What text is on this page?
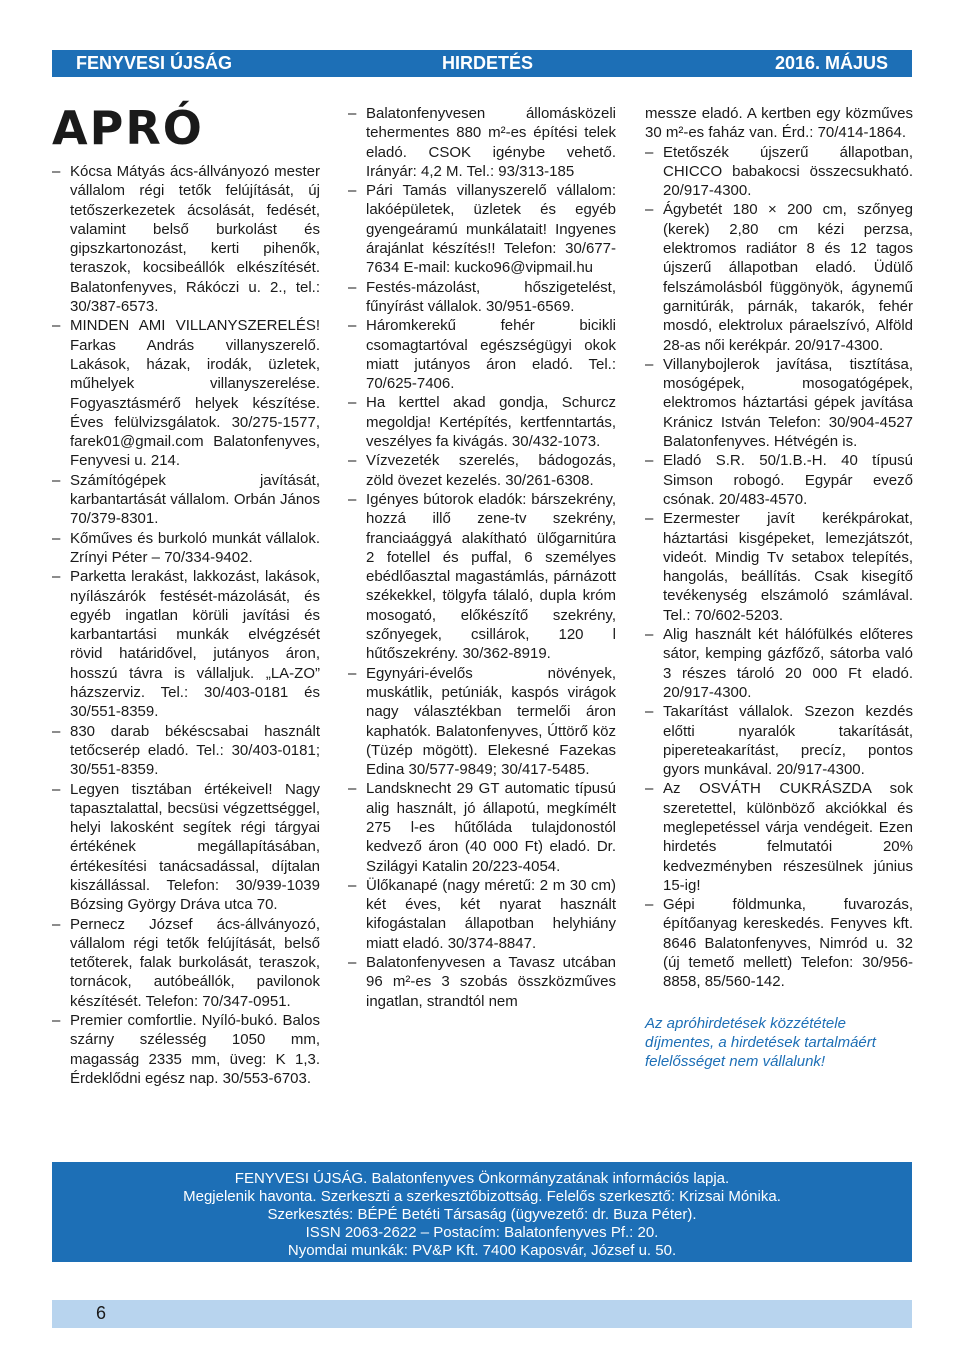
FENYVESI ÚJSÁG	HIRDETÉS	2016. MÁJUS
APRÓ

– Kócsa Mátyás ács-állványozó mester vállalom régi tetők felújítását, új tetőszerkezetek ácsolását, fedését, valamint belső burkolást és gipszkartonozást, kerti pihenők, teraszok, kocsibeállók elkészítését. Balatonfenyves, Rákóczi u. 2., tel.: 30/387-6573.

– MINDEN AMI VILLANYSZERELÉS! Farkas András villanyszerelő. Lakások, házak, irodák, üzletek, műhelyek villanyszerelése. Fogyasztásmérő helyek készítése. Éves felülvizsgálatok. 30/275-1577, farek01@gmail.com Balatonfenyves, Fenyvesi u. 214.

– Számítógépek javítását, karbantartását vállalom. Orbán János 70/379-8301.

– Kőműves és burkoló munkát vállalok. Zrínyi Péter – 70/334-9402.

– Parketta lerakást, lakkozást, lakások, nyílászárók festését-mázolását, és egyéb ingatlan körüli javítási és karbantartási munkák elvégzését rövid határidővel, jutányos áron, hosszú távra is vállaljuk. „LA-ZO” házszerviz. Tel.: 30/403-0181 és 30/551-8359.

– 830 darab békéscsabai használt tetőcserép eladó. Tel.: 30/403-0181; 30/551-8359.

– Legyen tisztában értékeivel! Nagy tapasztalattal, becsüsi végzettséggel, helyi lakosként segítek régi tárgyai értékének megállapításában, értékesítési tanácsadással, díjtalan kiszállással. Telefon: 30/939-1039 Bózsing György Dráva utca 70.

– Pernecz József ács-állványozó, vállalom régi tetők felújítását, belső tetőterek, falak burkolását, teraszok, tornácok, autóbeállók, pavilonok készítését. Telefon: 70/347-0951.

– Premier comfortlie. Nyíló-bukó. Balos szárny szélesség 1050 mm, magasság 2335 mm, üveg: K 1,3. Érdeklődni egész nap. 30/553-6703.

– Balatonfenyvesen állomásközeli tehermentes 880 m²-es építési telek eladó. CSOK igénybe vehető. Irányár: 4,2 M. Tel.: 93/313-185

– Pári Tamás villanyszerelő vállalom: lakóépületek, üzletek és egyéb gyengeáramú munkálatait! Ingyenes árajánlat készítés!! Telefon: 30/677-7634 E-mail: kucko96@vipmail.hu

– Festés-mázolást, hőszigetelést, fűnyírást vállalok. 30/951-6569.

– Háromkerekű fehér bicikli csomagtartóval egészségügyi okok miatt jutányos áron eladó. Tel.: 70/625-7406.

– Ha kerttel akad gondja, Schurcz megoldja! Kertépítés, kertfenntartás, veszélyes fa kivágás. 30/432-1073.

– Vízvezeték szerelés, bádogozás, zöld övezet kezelés. 30/261-6308.

– Igényes bútorok eladók: bárszekrény, hozzá illő zene-tv szekrény, franciaággyá alakítható ülőgarnitúra 2 fotellel és puffal, 6 személyes ebédlőasztal magastámlás, párnázott székekkel, tölgyfa tálaló, dupla króm mosogató, előkészítő szekrény, szőnyegek, csillárok, 120 l hűtőszekrény. 30/362-8919.

– Egynyári-évelős növények, muskátlik, petúniák, kaspós virágok nagy választékban termelői áron kaphatók. Balatonfenyves, Úttörő köz (Tüzép mögött). Elekesné Fazekas Edina 30/577-9849; 30/417-5485.

– Landsknecht 29 GT automatic típusú alig használt, jó állapotú, megkímélt 275 l-es hűtőláda tulajdonostól kedvező áron (40 000 Ft) eladó. Dr. Szilágyi Katalin 20/223-4054.

– Ülőkanapé (nagy méretű: 2 m 30 cm) két éves, két nyarat használt kifogástalan állapotban helyhiány miatt eladó. 30/374-8847.

– Balatonfenyvesen a Tavasz utcában 96 m²-es 3 szobás összközműves ingatlan, strandtól nem

messze eladó. A kertben egy közműves 30 m²-es faház van. Érd.: 70/414-1864.

– Etetőszék újszerű állapotban, CHICCO babakocsi összecsukható. 20/917-4300.

– Ágybetét 180 × 200 cm, szőnyeg (kerek) 2,80 cm kézi perzsa, elektromos radiátor 8 és 12 tagos újszerű állapotban eladó. Üdülő felszámolásból függönyök, ágynemű garnitúrák, párnák, takarók, fehér mosdó, elektrolux páraelszívó, Alföld 28-as női kerékpár. 20/917-4300.

– Villanybojlerok javítása, tisztítása, mosógépek, mosogatógépek, elektromos háztartási gépek javítása Kránicz István Telefon: 30/904-4527 Balatonfenyves. Hétvégén is.

– Eladó S.R. 50/1.B.-H. 40 típusú Simson robogó. Egypár evező csónak. 20/483-4570.

– Ezermester javít kerékpárokat, háztartási kisgépeket, lemezjátszót, videót. Mindig Tv setabox telepítés, hangolás, beállítás. Csak kisegítő tevékenység elszámoló számlával. Tel.: 70/602-5203.

– Alig használt két hálófülkés előteres sátor, kemping gázfőző, sátorba való 3 részes tároló 20 000 Ft eladó. 20/917-4300.

– Takarítást vállalok. Szezon kezdés előtti nyaralók takarítását, pipereteakarítást, precíz, pontos gyors munkával. 20/917-4300.

– Az OSVÁTH CUKRÁSZDA sok szeretettel, különböző akciókkal és meglepetéssel várja vendégeit. Ezen hirdetés felmutatói 20% kedvezményben részesülnek június 15-ig!

– Gépi földmunka, fuvarozás, építőanyag kereskedés. Fenyves kft. 8646 Balatonfenyves, Nimród u. 32 (új temető mellett) Telefon: 30/956-8858, 85/560-142.

Az apróhirdetések közzététele díjmentes, a hirdetések tartalmáért felelősséget nem vállalunk!

FENYVESI ÚJSÁG. Balatonfenyves Önkormányzatának információs lapja.
Megjelenik havonta. Szerkeszti a szerkesztőbizottság. Felelős szerkesztő: Krizsai Mónika.
Szerkesztés: BÉPÉ Betéti Társaság (ügyvezető: dr. Buza Péter).
ISSN 2063-2622 – Postacím: Balatonfenyves Pf.: 20.
Nyomdai munkák: PV&P Kft. 7400 Kaposvár, József u. 50.
6
